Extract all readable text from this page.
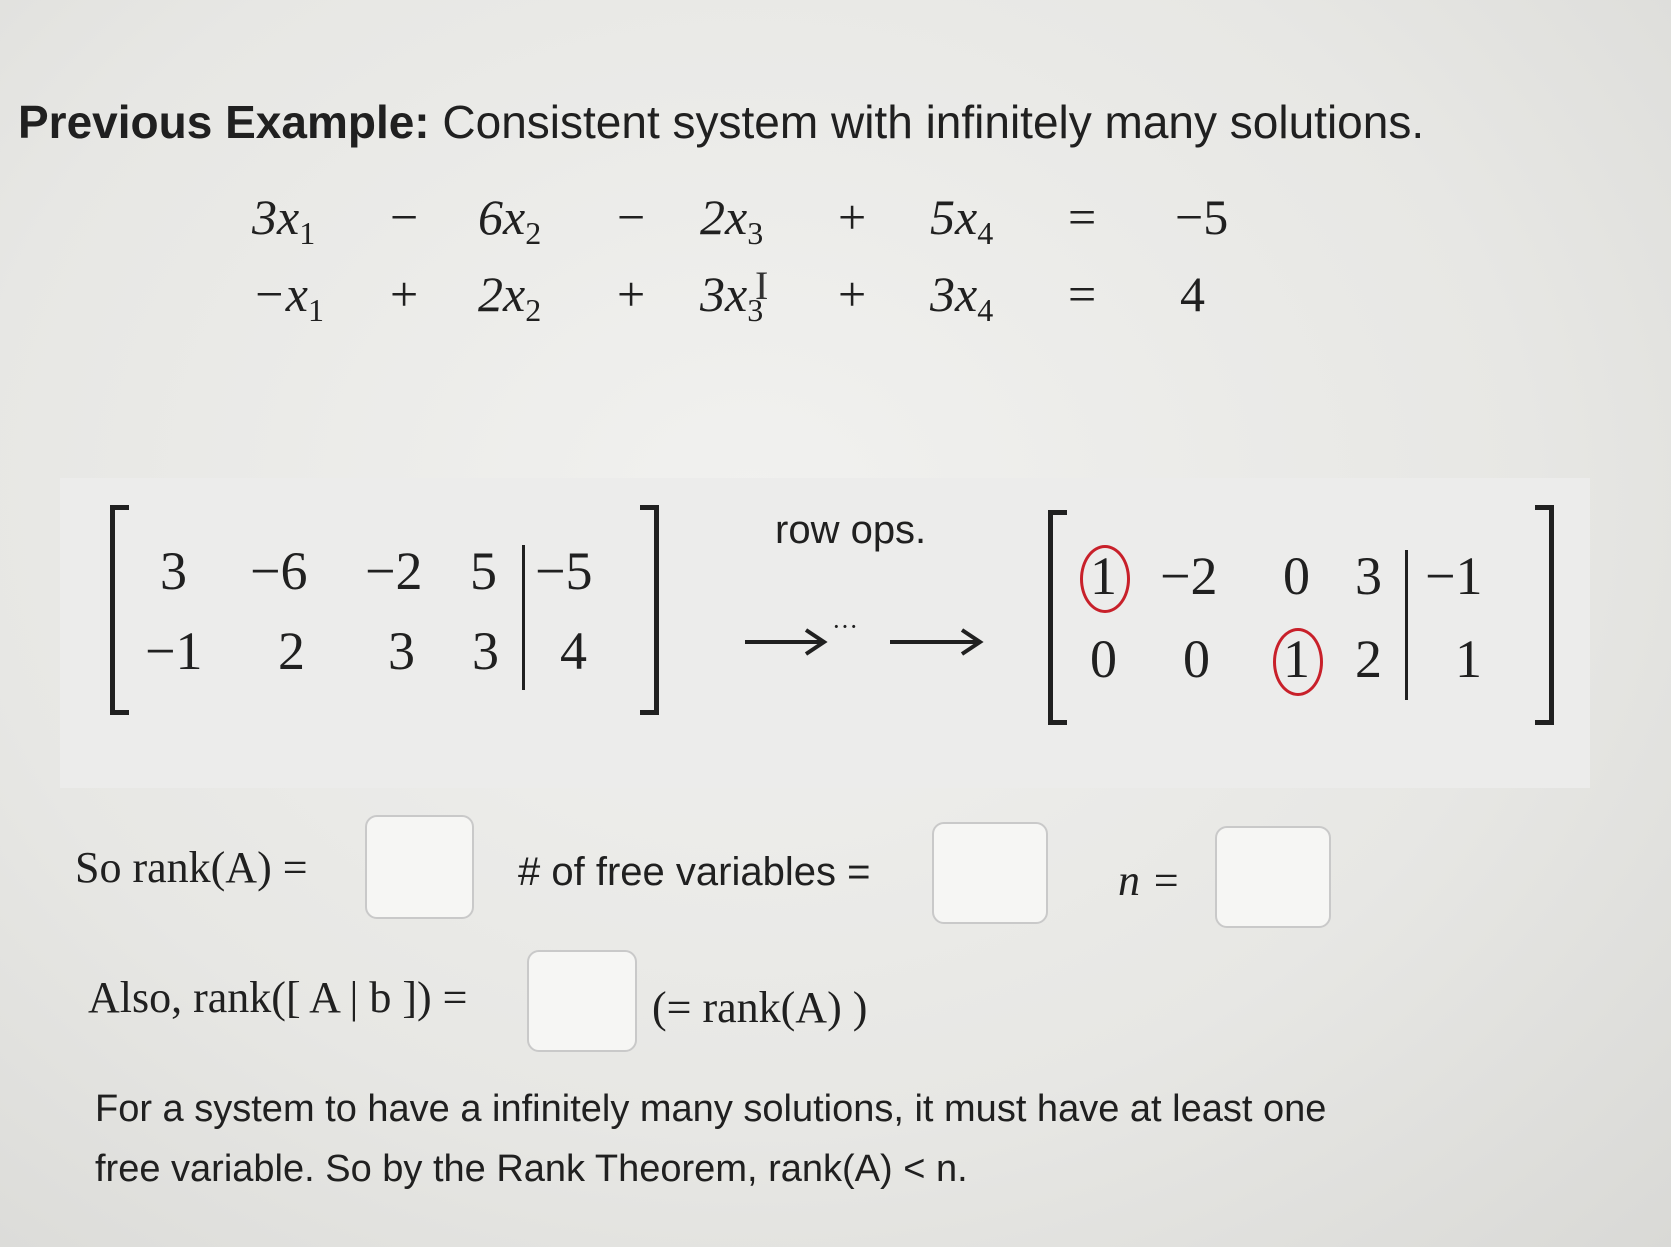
Previous Example: Consistent system with infinitely many solutions.
$3x_1 - 6x_2 - 2x_3 + 5x_4 = -5$
$-x_1 + 2x_2 + 3x_3 + 3x_4 = 4$
I
3 −6 −2 5 −5
−1 2 3 3 4
row ops.
···
1 −2 0 3 −1
0 0 1 2 1
So rank(A) =	# of free variables =	n =
Also, rank([ A | b ]) =	(= rank(A) )
For a system to have a infinitely many solutions, it must have at least one
free variable. So by the Rank Theorem, rank(A) < n.
